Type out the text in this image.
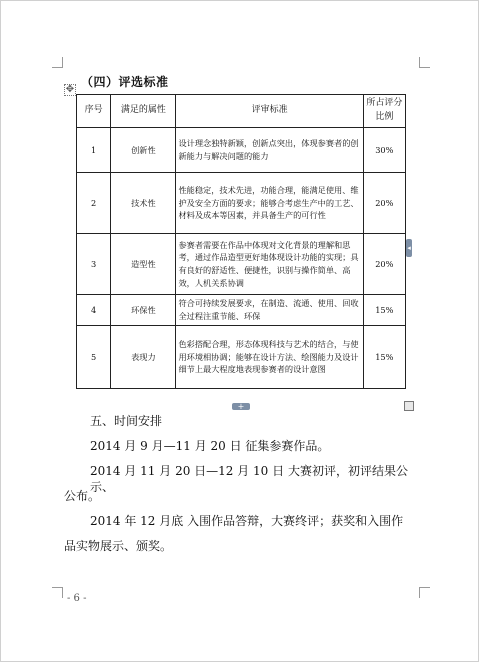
（四）评选标准
✥
序号	满足的属性	评审标准	所占评分比例
1	创新性	设计理念独特新颖，创新点突出，体现参赛者的创新能力与解决问题的能力	30%
2	技术性	性能稳定，技术先进，功能合理，能满足使用、维护及安全方面的要求；能够合考虑生产中的工艺、材料及成本等因素，并具备生产的可行性	20%
3	造型性	参赛者需要在作品中体现对文化背景的理解和思考，通过作品造型更好地体现设计功能的实现；具有良好的舒适性、便捷性，识别与操作简单、高效，人机关系协调	20%
4	环保性	符合可持续发展要求，在制造、流通、使用、回收全过程注重节能、环保	15%
5	表现力	色彩搭配合理，形态体现科技与艺术的结合，与使用环境相协调；能够在设计方法、绘图能力及设计细节上最大程度地表现参赛者的设计意图	15%
◂
+
五、时间安排
2014 月 9 月—11 月 20 日 征集参赛作品。
2014 月 11 月 20 日—12 月 10 日 大赛初评，初评结果公示、
公布。
2014 年 12 月底 入围作品答辩，大赛终评；获奖和入围作
品实物展示、颁奖。
- 6 -
